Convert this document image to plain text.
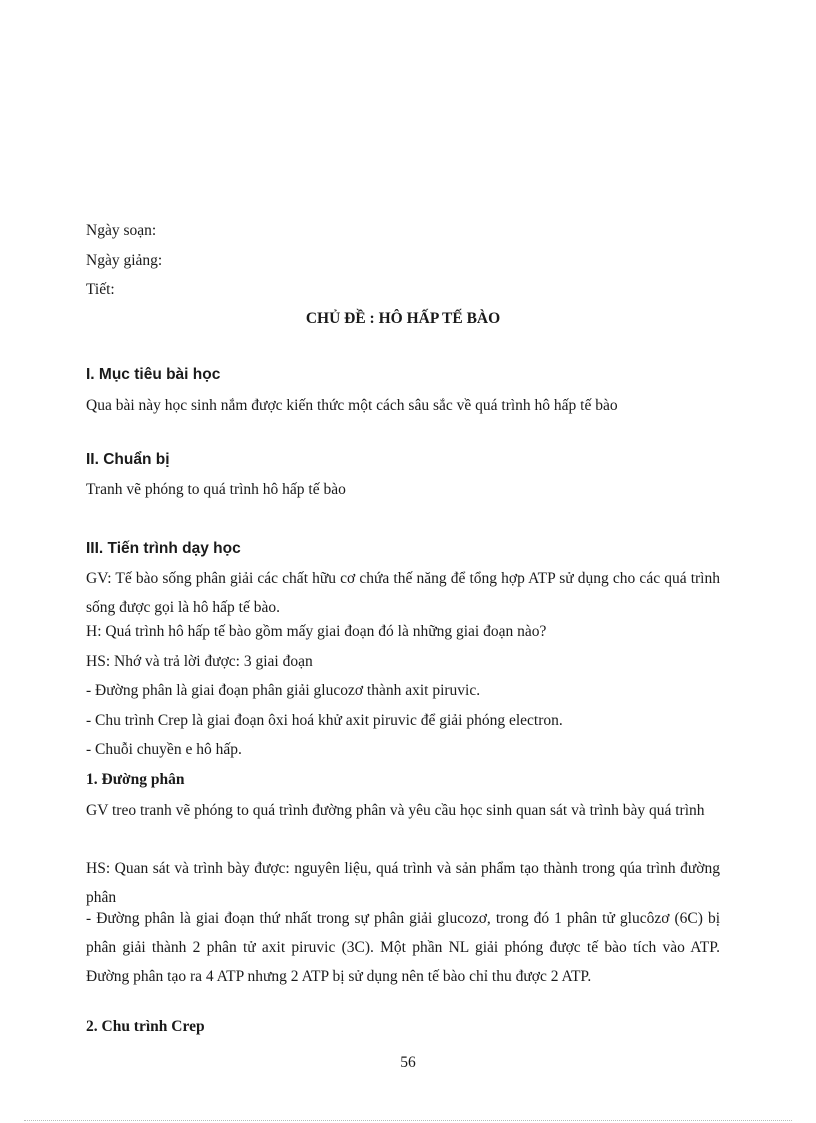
Ngày soạn:
Ngày giảng:
Tiết:
CHỦ ĐỀ : HÔ HẤP TẾ BÀO
I. Mục tiêu bài học
Qua bài này học sinh nắm được kiến thức một cách sâu sắc về quá trình hô hấp tế bào
II. Chuẩn bị
Tranh vẽ phóng to quá trình hô hấp tế bào
III. Tiến trình dạy học
GV: Tế bào sống phân giải các chất hữu cơ chứa thế năng để tổng hợp ATP sử dụng cho các quá trình sống được gọi là hô hấp tế bào.
H: Quá trình hô hấp tế bào gồm mấy giai đoạn đó là những giai đoạn nào?
HS: Nhớ và trả lời được: 3 giai đoạn
- Đường phân là giai đoạn phân giải glucozơ thành axit piruvic.
- Chu trình Crep là giai đoạn ôxi hoá khử axit piruvic để giải phóng electron.
- Chuỗi chuyền e hô hấp.
1. Đường phân
GV treo tranh vẽ phóng to quá trình đường phân và yêu cầu học sinh quan sát và trình bày quá trình
HS: Quan sát và trình bày được: nguyên liệu, quá trình và sản phẩm tạo thành trong qúa trình đường phân
- Đường phân là giai đoạn thứ nhất trong sự phân giải glucozơ, trong đó 1 phân tử glucôzơ (6C) bị phân giải thành 2 phân tử axit piruvic (3C). Một phần NL giải phóng được tế bào tích vào ATP. Đường phân tạo ra 4 ATP nhưng 2 ATP bị sử dụng nên tế bào chỉ thu được 2 ATP.
2. Chu trình Crep
56
